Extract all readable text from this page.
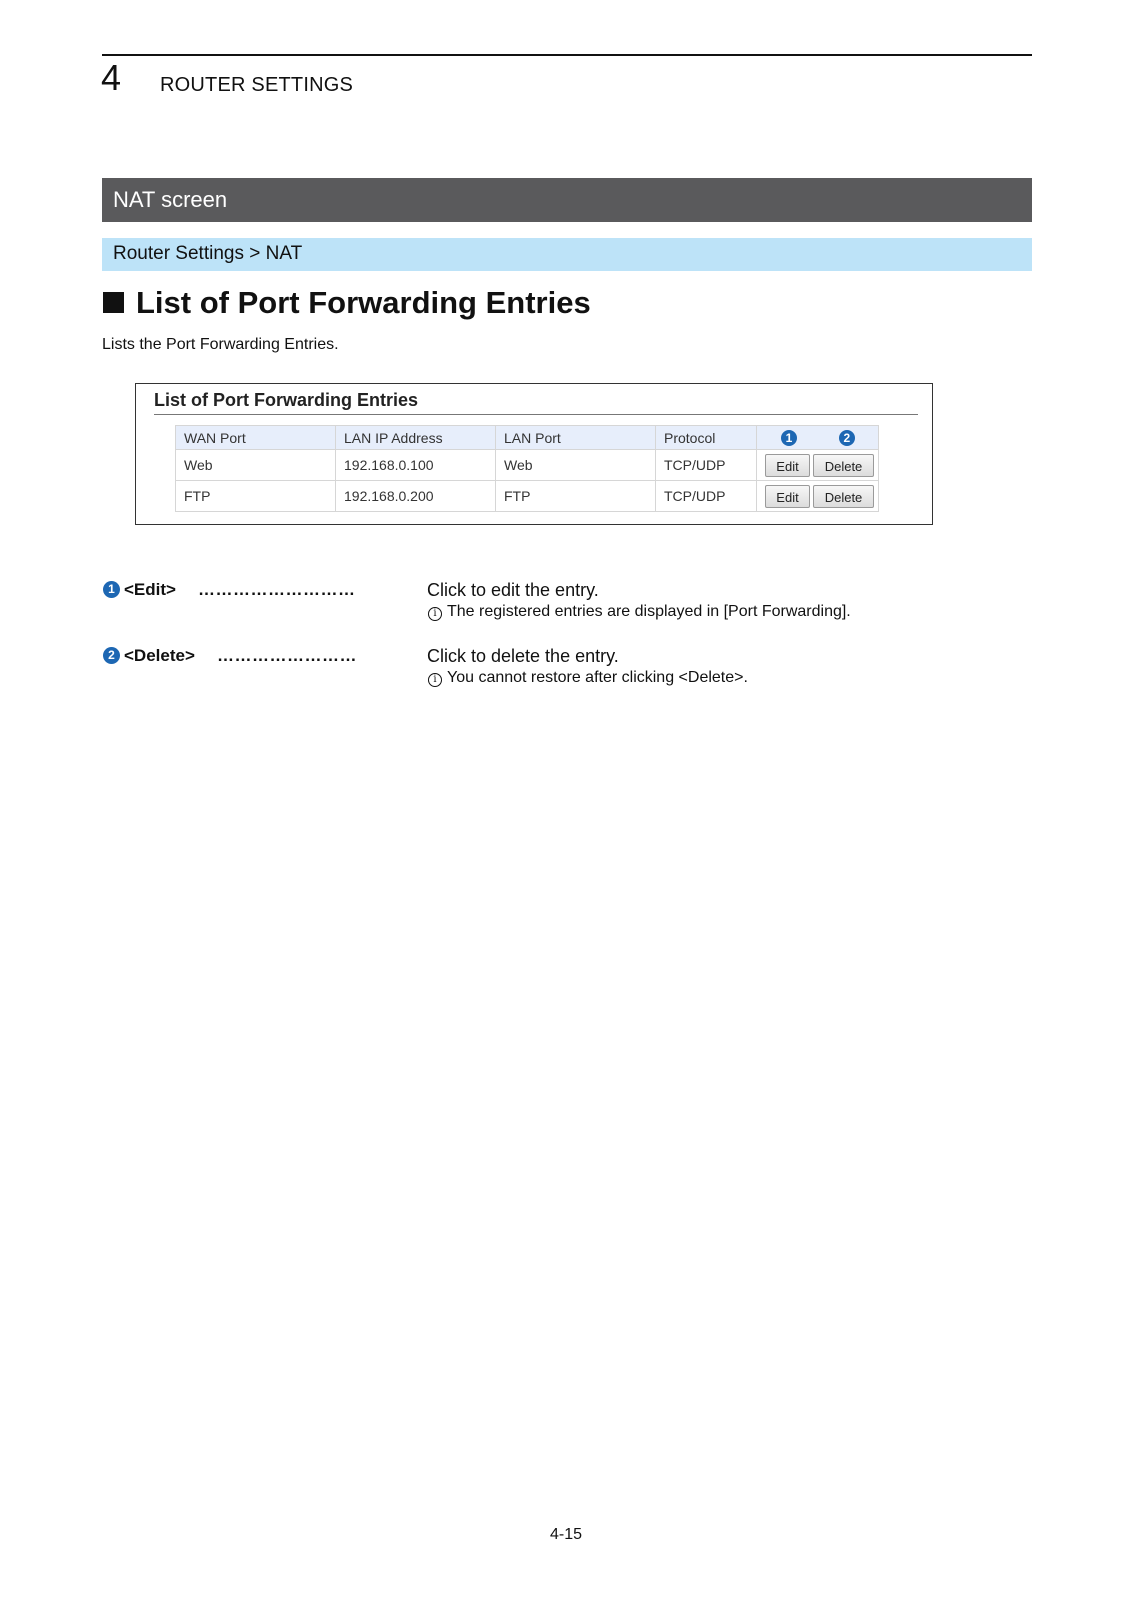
4 ROUTER SETTINGS
NAT screen
Router Settings > NAT
List of Port Forwarding Entries
Lists the Port Forwarding Entries.
List of Port Forwarding Entries
WAN Port	LAN IP Address	LAN Port	Protocol	1 2
Web	192.168.0.100	Web	TCP/UDP	Edit Delete
FTP	192.168.0.200	FTP	TCP/UDP	Edit Delete
1 <Edit> ………………………	Click to edit the entry.
i The registered entries are displayed in [Port Forwarding].
2 <Delete> ……………………	Click to delete the entry.
i You cannot restore after clicking <Delete>.
4-15
